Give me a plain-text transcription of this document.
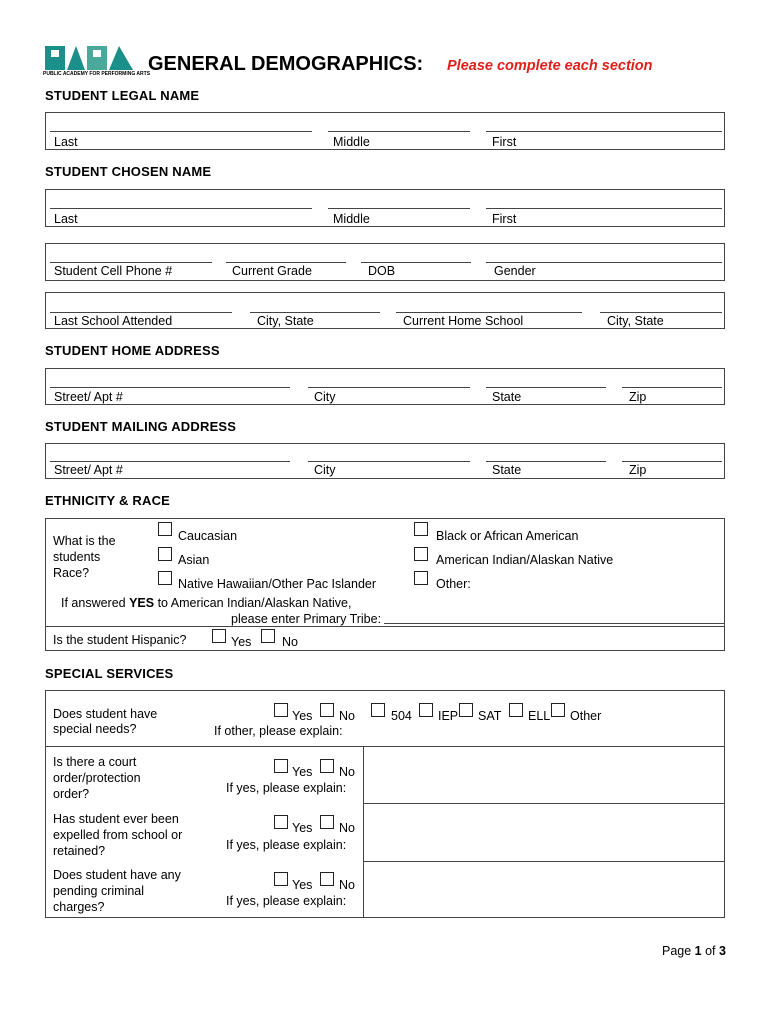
PUBLIC ACADEMY FOR PERFORMING ARTS
GENERAL DEMOGRAPHICS: Please complete each section
STUDENT LEGAL NAME
Last	Middle	First
STUDENT CHOSEN NAME
Last	Middle	First
Student Cell Phone #	Current Grade	DOB	Gender
Last School Attended	City, State	Current Home School	City, State
STUDENT HOME ADDRESS
Street/ Apt #	City	State	Zip
STUDENT MAILING ADDRESS
Street/ Apt #	City	State	Zip
ETHNICITY & RACE
What is the
students
Race?
Caucasian
Asian
Native Hawaiian/Other Pac Islander
Black or African American
American Indian/Alaskan Native
Other:
If answered YES to American Indian/Alaskan Native,
please enter Primary Tribe:
Is the student Hispanic?	Yes No
SPECIAL SERVICES
Does student have
special needs?
Yes No	504 IEP SAT ELL Other
If other, please explain:
Is there a court
order/protection
order?
Yes No
If yes, please explain:
Has student ever been
expelled from school or
retained?
Yes No
If yes, please explain:
Does student have any
pending criminal
charges?
Yes No
If yes, please explain:
Page 1 of 3
